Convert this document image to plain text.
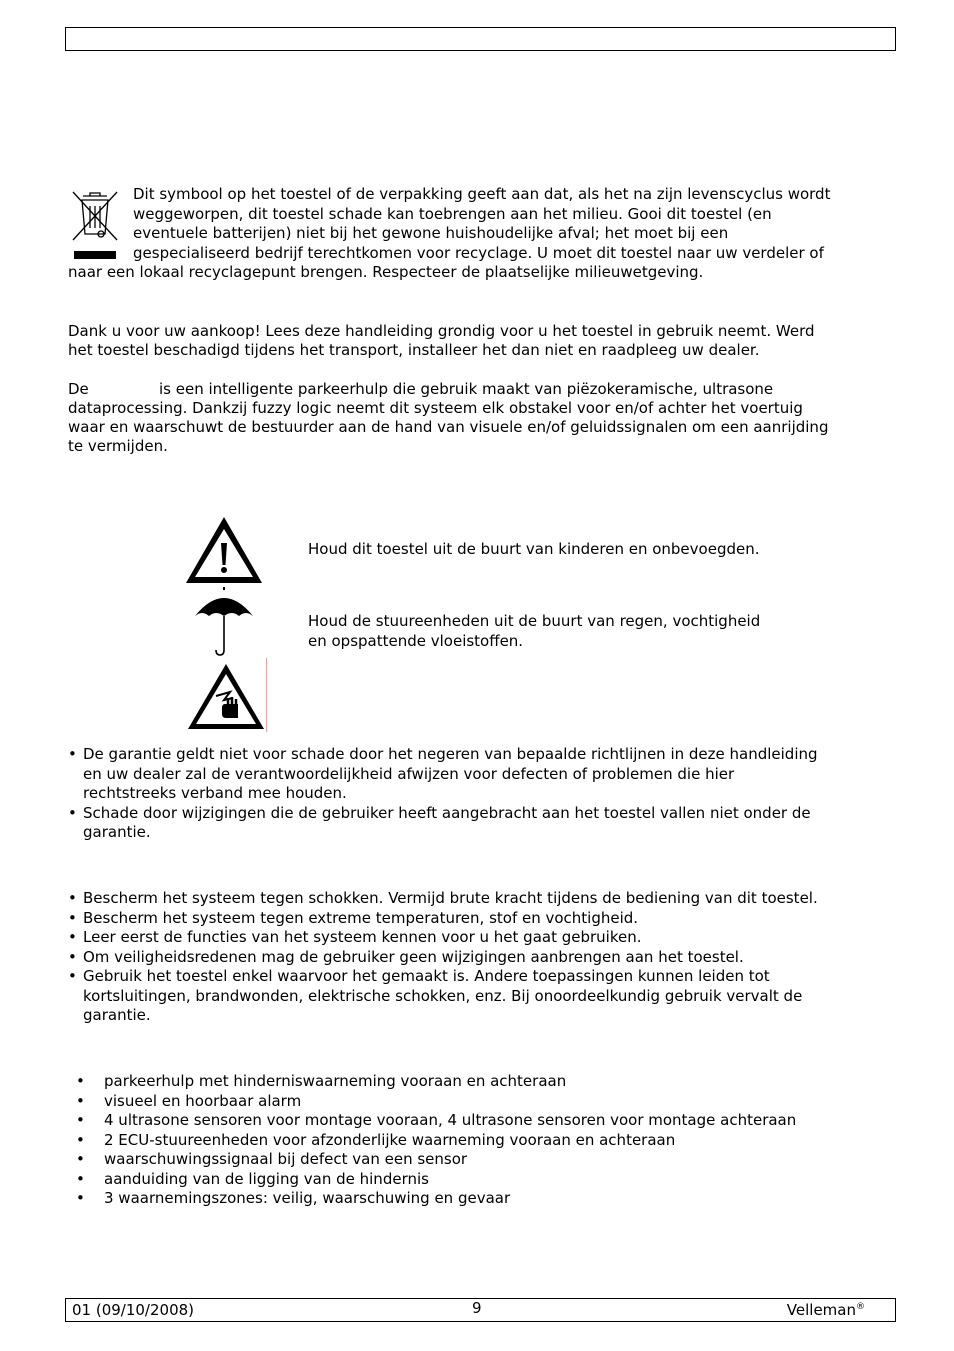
Dit symbool op het toestel of de verpakking geeft aan dat, als het na zijn levenscyclus wordt
weggeworpen, dit toestel schade kan toebrengen aan het milieu. Gooi dit toestel (en
eventuele batterijen) niet bij het gewone huishoudelijke afval; het moet bij een
gespecialiseerd bedrijf terechtkomen voor recyclage. U moet dit toestel naar uw verdeler of
naar een lokaal recyclagepunt brengen. Respecteer de plaatselijke milieuwetgeving.
Dank u voor uw aankoop! Lees deze handleiding grondig voor u het toestel in gebruik neemt. Werd
het toestel beschadigd tijdens het transport, installeer het dan niet en raadpleeg uw dealer.
De	is een intelligente parkeerhulp die gebruik maakt van piëzokeramische, ultrasone
dataprocessing. Dankzij fuzzy logic neemt dit systeem elk obstakel voor en/of achter het voertuig
waar en waarschuwt de bestuurder aan de hand van visuele en/of geluidssignalen om een aanrijding
te vermijden.
Houd dit toestel uit de buurt van kinderen en onbevoegden.
Houd de stuureenheden uit de buurt van regen, vochtigheid
en opspattende vloeistoffen.
• De garantie geldt niet voor schade door het negeren van bepaalde richtlijnen in deze handleiding
en uw dealer zal de verantwoordelijkheid afwijzen voor defecten of problemen die hier
rechtstreeks verband mee houden.
• Schade door wijzigingen die de gebruiker heeft aangebracht aan het toestel vallen niet onder de
garantie.
• Bescherm het systeem tegen schokken. Vermijd brute kracht tijdens de bediening van dit toestel.
• Bescherm het systeem tegen extreme temperaturen, stof en vochtigheid.
• Leer eerst de functies van het systeem kennen voor u het gaat gebruiken.
• Om veiligheidsredenen mag de gebruiker geen wijzigingen aanbrengen aan het toestel.
• Gebruik het toestel enkel waarvoor het gemaakt is. Andere toepassingen kunnen leiden tot
kortsluitingen, brandwonden, elektrische schokken, enz. Bij onoordeelkundig gebruik vervalt de
garantie.
• parkeerhulp met hinderniswaarneming vooraan en achteraan
• visueel en hoorbaar alarm
• 4 ultrasone sensoren voor montage vooraan, 4 ultrasone sensoren voor montage achteraan
• 2 ECU-stuureenheden voor afzonderlijke waarneming vooraan en achteraan
• waarschuwingssignaal bij defect van een sensor
• aanduiding van de ligging van de hindernis
• 3 waarnemingszones: veilig, waarschuwing en gevaar
01 (09/10/2008)	9	Velleman®
